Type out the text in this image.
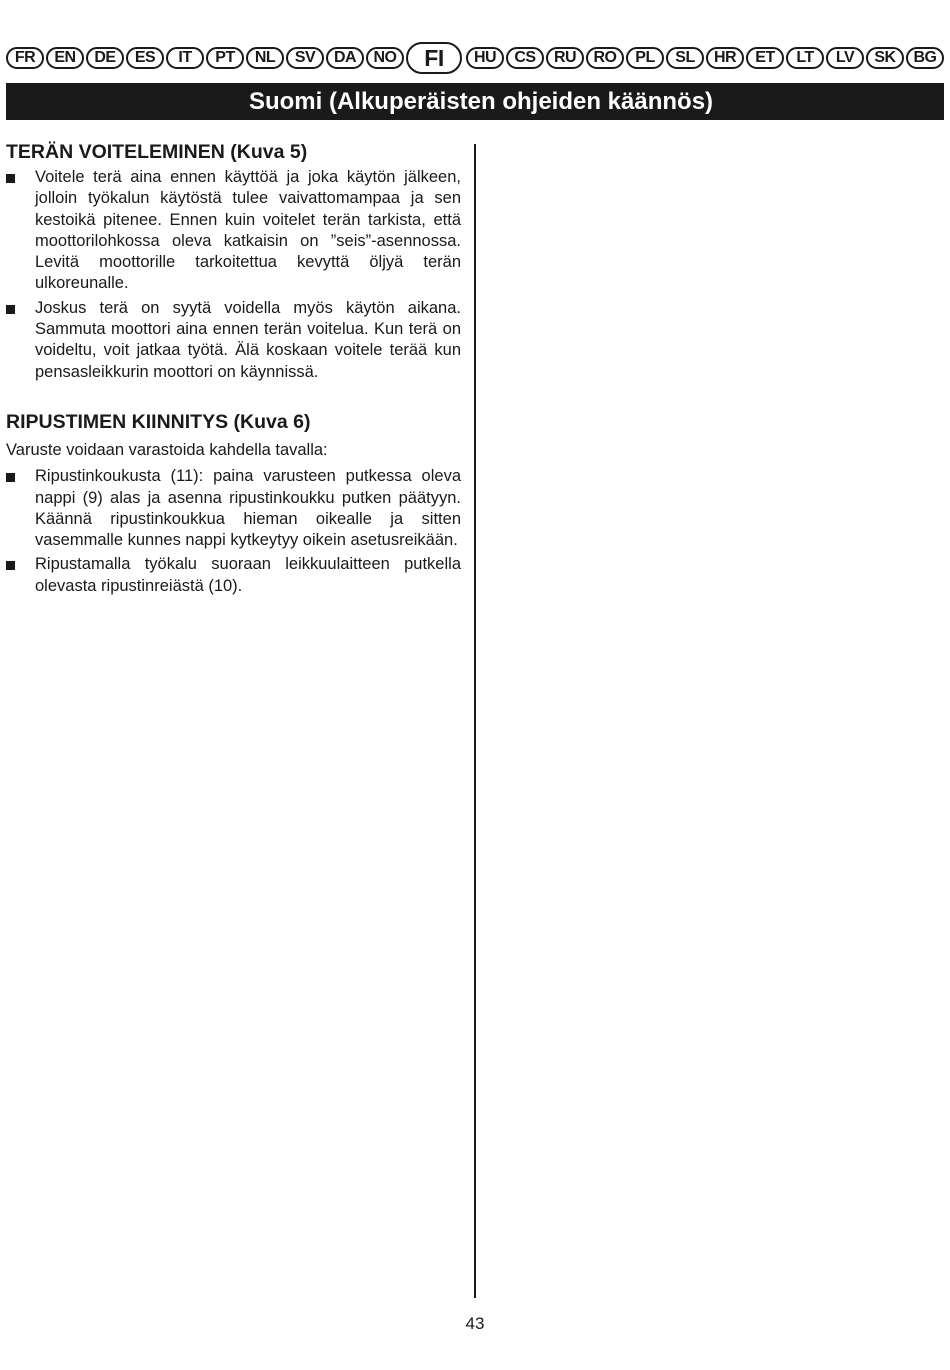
FR	EN	DE	ES	IT	PT	NL	SV	DA	NO	FI	HU	CS	RU	RO	PL	SL	HR	ET	LT	LV	SK	BG
Suomi (Alkuperäisten ohjeiden käännös)
TERÄN VOITELEMINEN (Kuva 5)
Voitele terä aina ennen käyttöä ja joka käytön jälkeen, jolloin työkalun käytöstä tulee vaivattomampaa ja sen kestoikä pitenee. Ennen kuin voitelet terän tarkista, että moottorilohkossa oleva katkaisin on ”seis”-asennossa. Levitä moottorille tarkoitettua kevyttä öljyä terän ulkoreunalle.
Joskus terä on syytä voidella myös käytön aikana. Sammuta moottori aina ennen terän voitelua. Kun terä on voideltu, voit jatkaa työtä. Älä koskaan voitele terää kun pensasleikkurin moottori on käynnissä.
RIPUSTIMEN KIINNITYS (Kuva 6)

Varuste voidaan varastoida kahdella tavalla:

Ripustinkoukusta (11): paina varusteen putkessa oleva nappi (9) alas ja asenna ripustinkoukku putken päätyyn. Käännä ripustinkoukkua hieman oikealle ja sitten vasemmalle kunnes nappi kytkeytyy oikein asetusreikään.
Ripustamalla työkalu suoraan leikkuulaitteen putkella olevasta ripustinreiästä (10).
43
